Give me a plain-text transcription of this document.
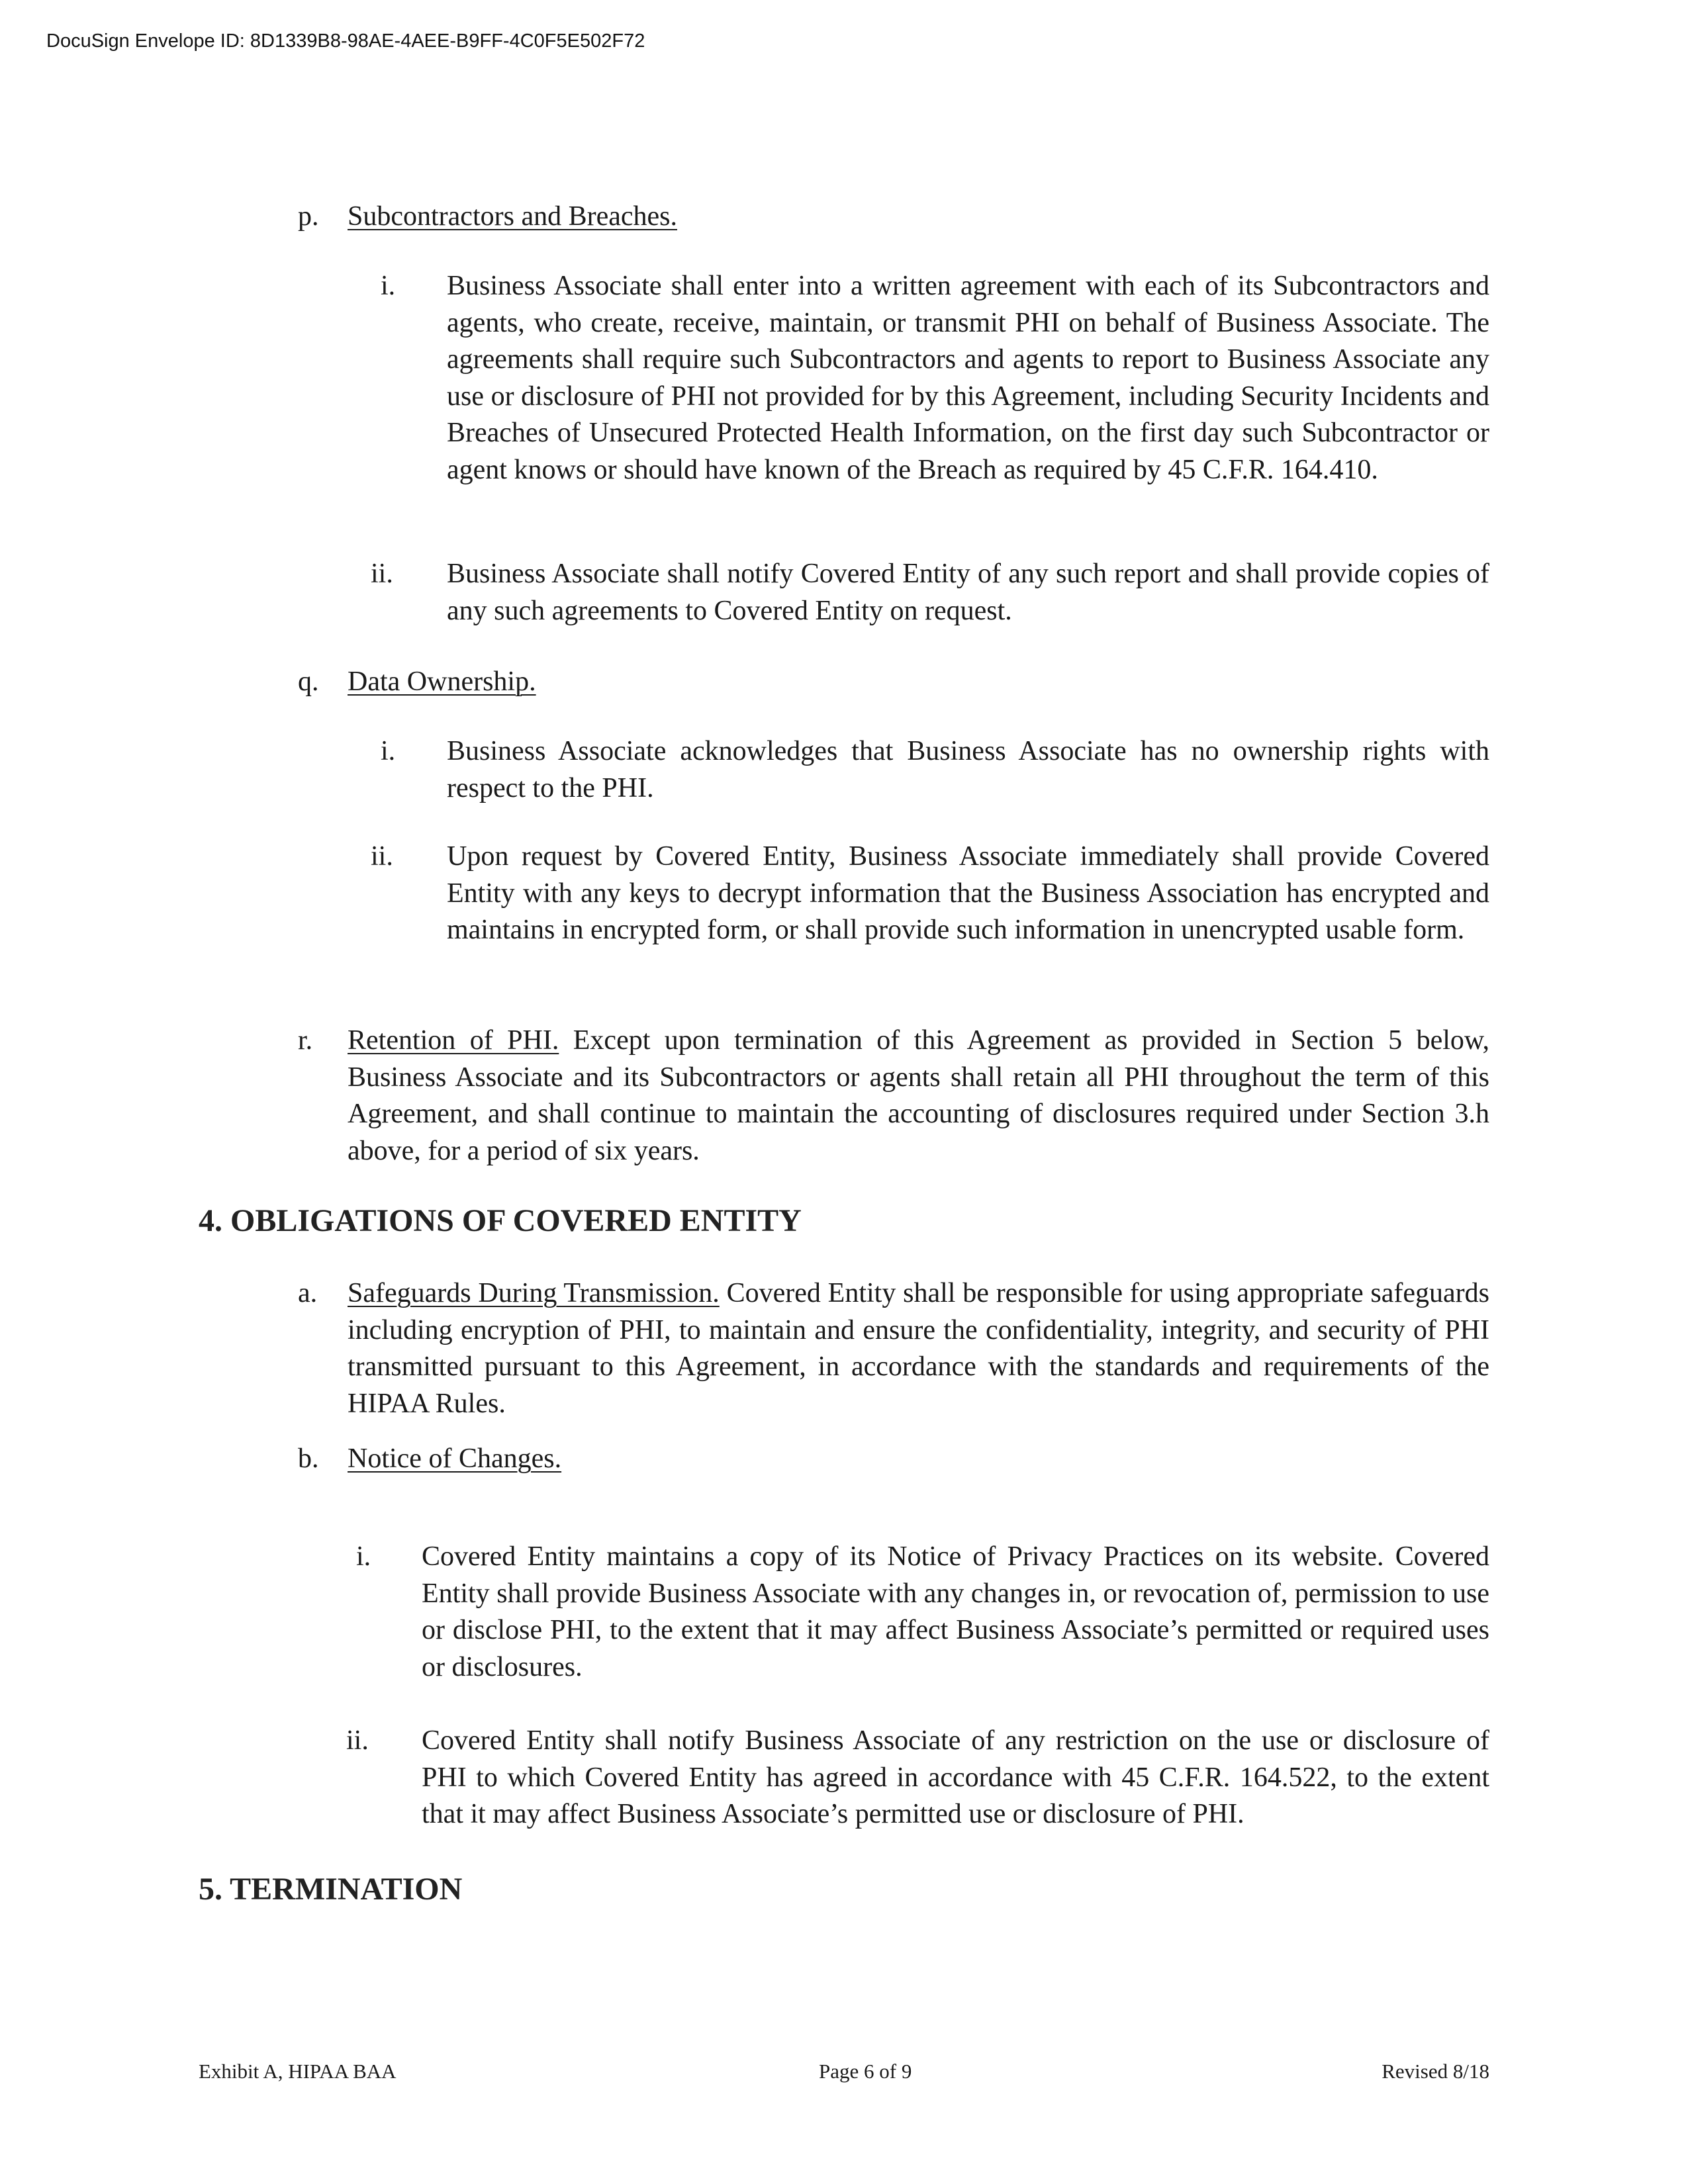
DocuSign Envelope ID: 8D1339B8-98AE-4AEE-B9FF-4C0F5E502F72
p. Subcontractors and Breaches.
i. Business Associate shall enter into a written agreement with each of its Subcontractors and agents, who create, receive, maintain, or transmit PHI on behalf of Business Associate. The agreements shall require such Subcontractors and agents to report to Business Associate any use or disclosure of PHI not provided for by this Agreement, including Security Incidents and Breaches of Unsecured Protected Health Information, on the first day such Subcontractor or agent knows or should have known of the Breach as required by 45 C.F.R. 164.410.
ii. Business Associate shall notify Covered Entity of any such report and shall provide copies of any such agreements to Covered Entity on request.
q. Data Ownership.
i. Business Associate acknowledges that Business Associate has no ownership rights with respect to the PHI.
ii. Upon request by Covered Entity, Business Associate immediately shall provide Covered Entity with any keys to decrypt information that the Business Association has encrypted and maintains in encrypted form, or shall provide such information in unencrypted usable form.
r. Retention of PHI. Except upon termination of this Agreement as provided in Section 5 below, Business Associate and its Subcontractors or agents shall retain all PHI throughout the term of this Agreement, and shall continue to maintain the accounting of disclosures required under Section 3.h above, for a period of six years.
4. OBLIGATIONS OF COVERED ENTITY
a. Safeguards During Transmission. Covered Entity shall be responsible for using appropriate safeguards including encryption of PHI, to maintain and ensure the confidentiality, integrity, and security of PHI transmitted pursuant to this Agreement, in accordance with the standards and requirements of the HIPAA Rules.
b. Notice of Changes.
i. Covered Entity maintains a copy of its Notice of Privacy Practices on its website. Covered Entity shall provide Business Associate with any changes in, or revocation of, permission to use or disclose PHI, to the extent that it may affect Business Associate’s permitted or required uses or disclosures.
ii. Covered Entity shall notify Business Associate of any restriction on the use or disclosure of PHI to which Covered Entity has agreed in accordance with 45 C.F.R. 164.522, to the extent that it may affect Business Associate’s permitted use or disclosure of PHI.
5. TERMINATION
Exhibit A, HIPAA BAA	Page 6 of 9	Revised 8/18
